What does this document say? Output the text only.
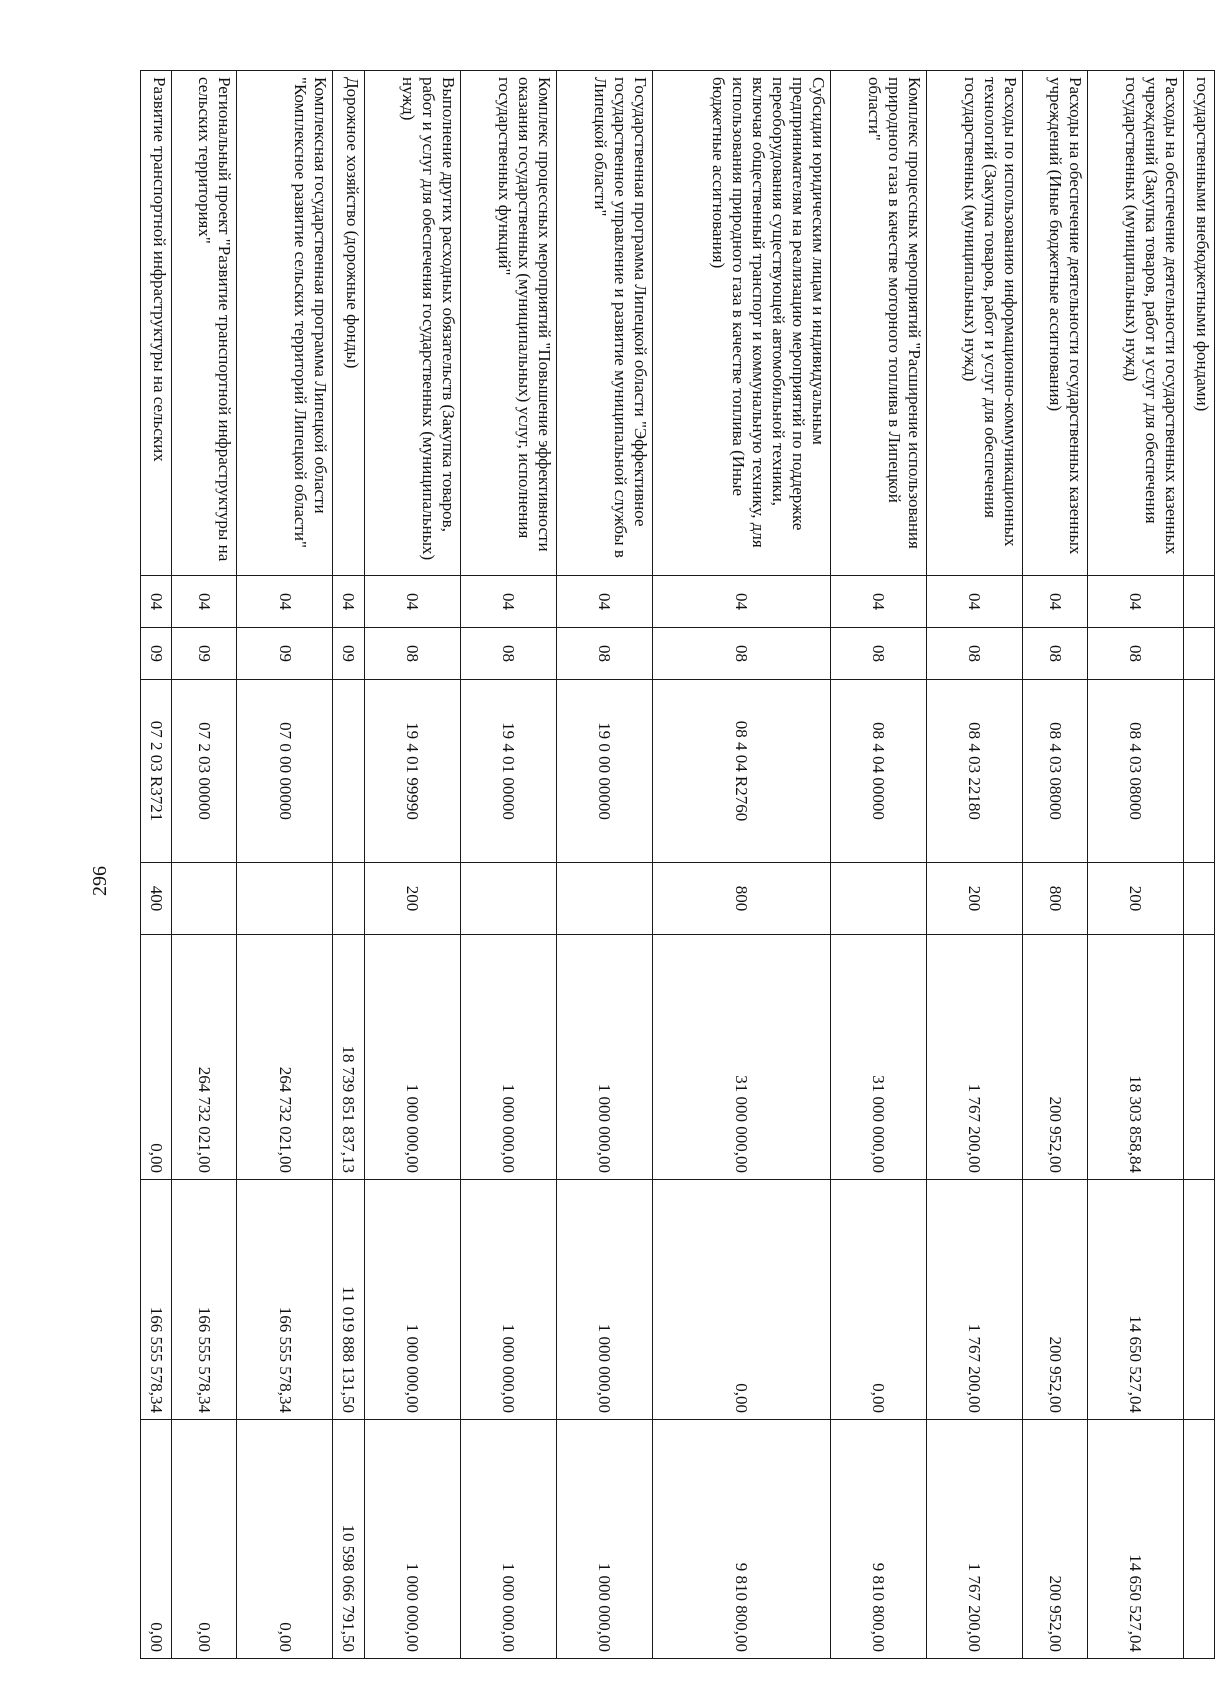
296
государственными внебюджетными фондами)							
Расходы на обеспечение деятельности государственных казенных учреждений (Закупка товаров, работ и услуг для обеспечения государственных (муниципальных) нужд)	04	08	08 4 03 08000	200	18 303 858,84	14 650 527,04	14 650 527,04
Расходы на обеспечение деятельности государственных казенных учреждений (Иные бюджетные ассигнования)	04	08	08 4 03 08000	800	200 952,00	200 952,00	200 952,00
Расходы по использованию информационно-коммуникационных технологий (Закупка товаров, работ и услуг для обеспечения государственных (муниципальных) нужд)	04	08	08 4 03 22180	200	1 767 200,00	1 767 200,00	1 767 200,00
Комплекс процессных мероприятий "Расширение использования природного газа в качестве моторного топлива в Липецкой области"	04	08	08 4 04 00000		31 000 000,00	0,00	9 810 800,00
Субсидии юридическим лицам и индивидуальным предпринимателям на реализацию мероприятий по поддержке переоборудования существующей автомобильной техники, включая общественный транспорт и коммунальную технику, для использования природного газа в качестве топлива (Иные бюджетные ассигнования)	04	08	08 4 04 R2760	800	31 000 000,00	0,00	9 810 800,00
Государственная программа Липецкой области "Эффективное государственное управление и развитие муниципальной службы в Липецкой области"	04	08	19 0 00 00000		1 000 000,00	1 000 000,00	1 000 000,00
Комплекс процессных мероприятий "Повышение эффективности оказания государственных (муниципальных) услуг, исполнения государственных функций"	04	08	19 4 01 00000		1 000 000,00	1 000 000,00	1 000 000,00
Выполнение других расходных обязательств (Закупка товаров, работ и услуг для обеспечения государственных (муниципальных) нужд)	04	08	19 4 01 99990	200	1 000 000,00	1 000 000,00	1 000 000,00
Дорожное хозяйство (дорожные фонды)	04	09			18 739 851 837,13	11 019 888 131,50	10 598 066 791,50
Комплексная государственная программа Липецкой области "Комплексное развитие сельских территорий Липецкой области"	04	09	07 0 00 00000		264 732 021,00	166 555 578,34	0,00
Региональный проект "Развитие транспортной инфраструктуры на сельских территориях"	04	09	07 2 03 00000		264 732 021,00	166 555 578,34	0,00
Развитие транспортной инфраструктуры на сельских	04	09	07 2 03 R3721	400	0,00	166 555 578,34	0,00
